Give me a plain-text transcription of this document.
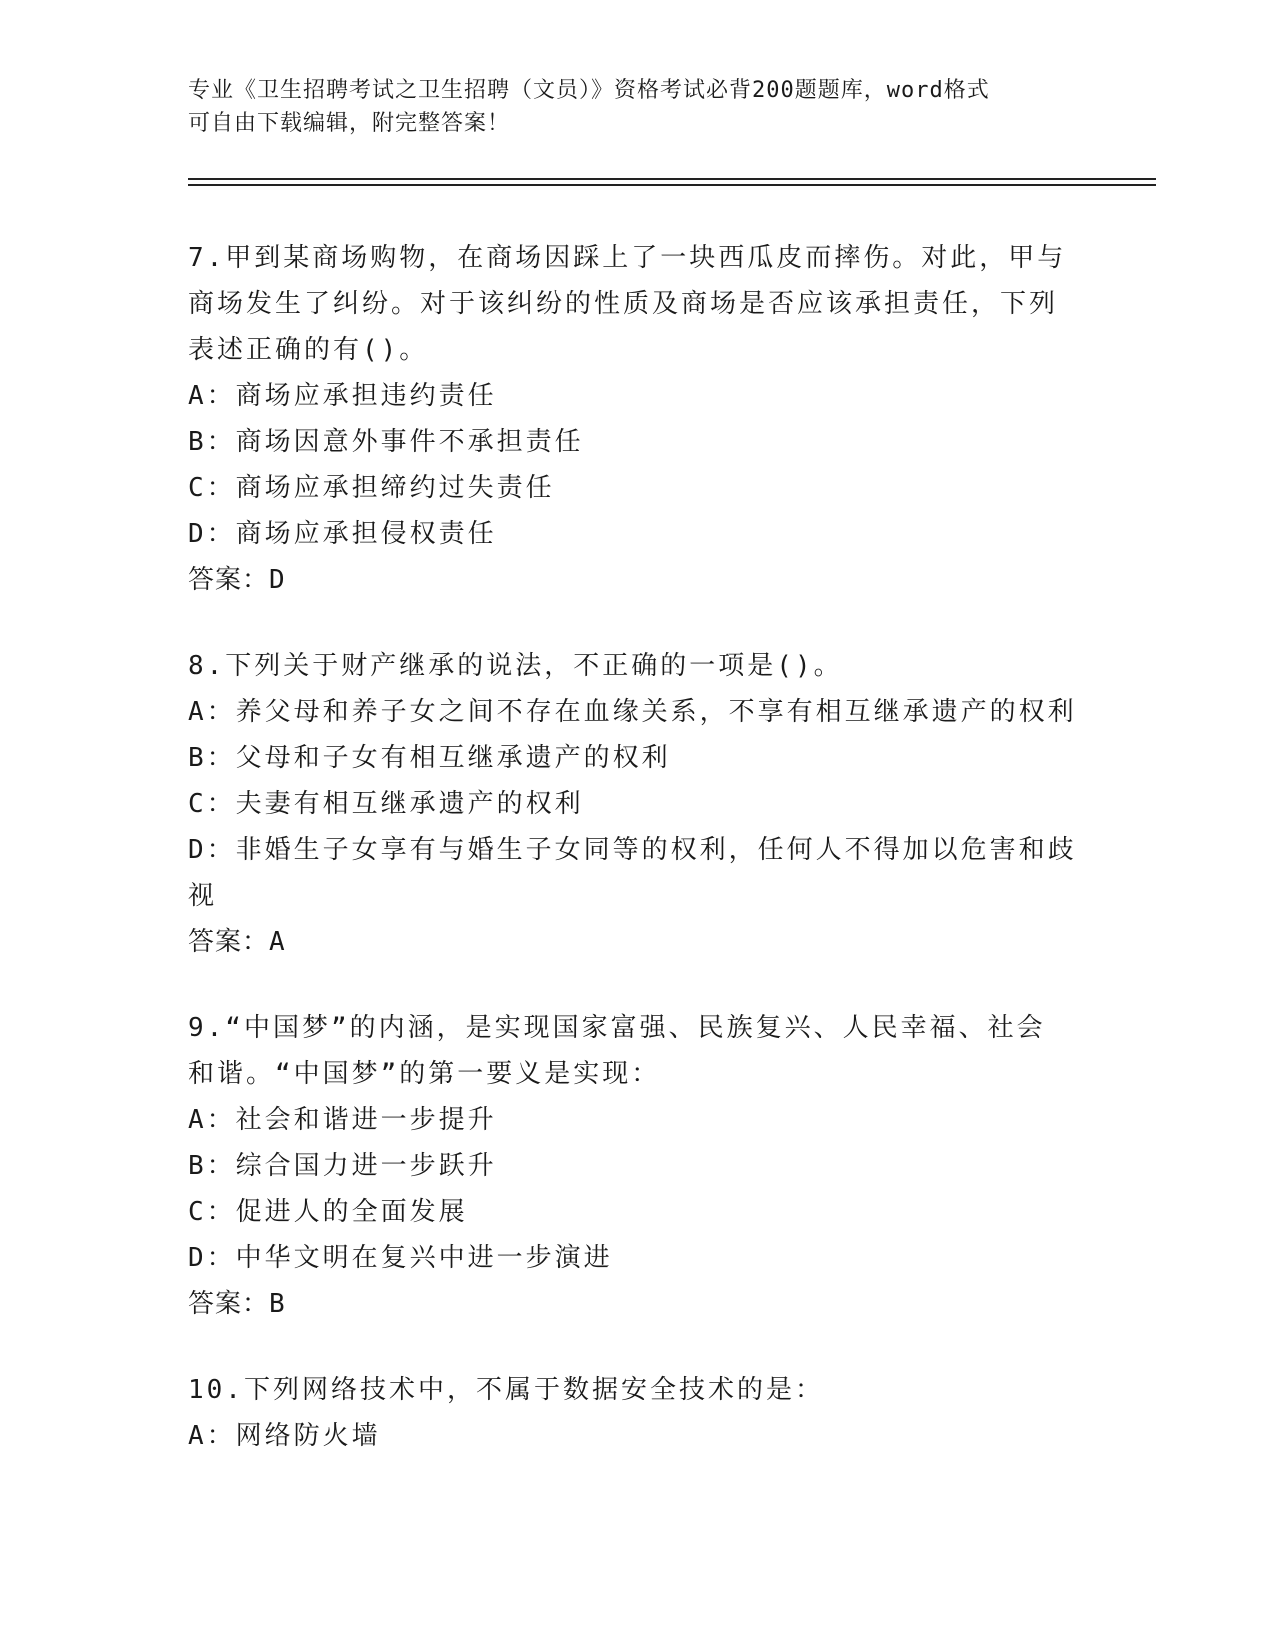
专业《卫生招聘考试之卫生招聘（文员）》资格考试必背200题题库，word格式
可自由下载编辑，附完整答案！

7.甲到某商场购物，在商场因踩上了一块西瓜皮而摔伤。对此，甲与

商场发生了纠纷。对于该纠纷的性质及商场是否应该承担责任，下列

表述正确的有()。

A：商场应承担违约责任

B：商场因意外事件不承担责任

C：商场应承担缔约过失责任

D：商场应承担侵权责任

答案：D

8.下列关于财产继承的说法，不正确的一项是()。

A：养父母和养子女之间不存在血缘关系，不享有相互继承遗产的权利

B：父母和子女有相互继承遗产的权利

C：夫妻有相互继承遗产的权利

D：非婚生子女享有与婚生子女同等的权利，任何人不得加以危害和歧

视

答案：A

9.“中国梦”的内涵，是实现国家富强、民族复兴、人民幸福、社会

和谐。“中国梦”的第一要义是实现：

A：社会和谐进一步提升

B：综合国力进一步跃升

C：促进人的全面发展

D：中华文明在复兴中进一步演进

答案：B

10.下列网络技术中，不属于数据安全技术的是：

A：网络防火墙
